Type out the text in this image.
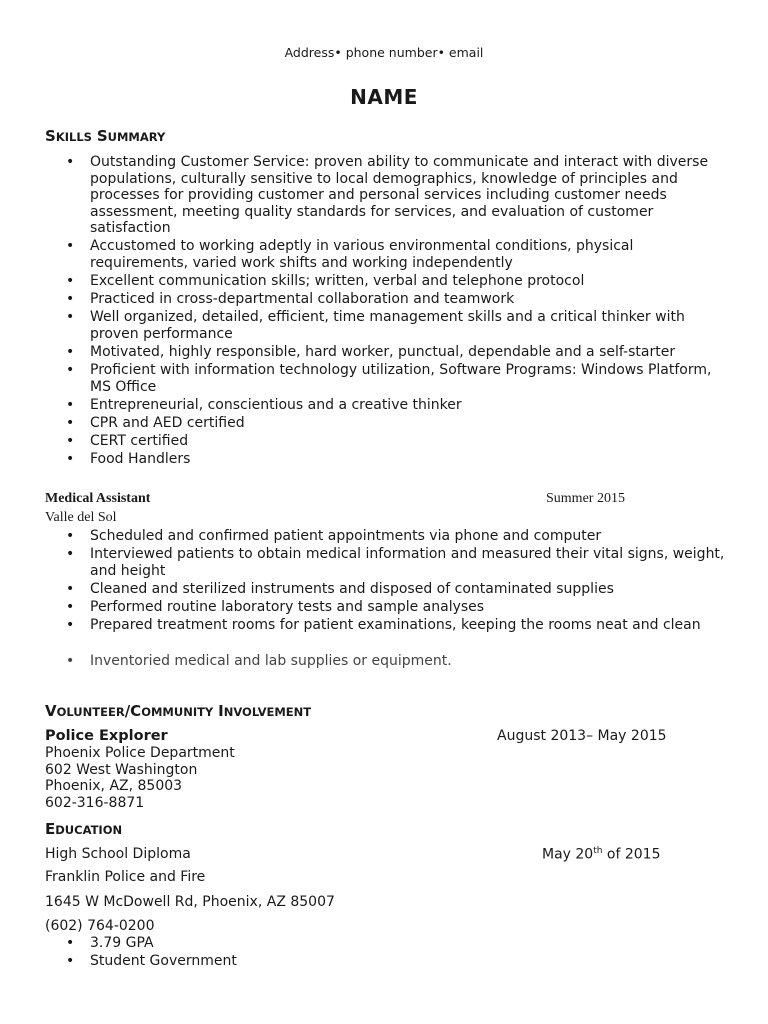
Address• phone number• email
NAME
SKILLS SUMMARY
• Outstanding Customer Service: proven ability to communicate and interact with diverse populations, culturally sensitive to local demographics, knowledge of principles and processes for providing customer and personal services including customer needs assessment, meeting quality standards for services, and evaluation of customer satisfaction
• Accustomed to working adeptly in various environmental conditions, physical requirements, varied work shifts and working independently
• Excellent communication skills; written, verbal and telephone protocol
• Practiced in cross-departmental collaboration and teamwork
• Well organized, detailed, efficient, time management skills and a critical thinker with proven performance
• Motivated, highly responsible, hard worker, punctual, dependable and a self-starter
• Proficient with information technology utilization, Software Programs: Windows Platform, MS Office
• Entrepreneurial, conscientious and a creative thinker
• CPR and AED certified
• CERT certified
• Food Handlers
Medical Assistant	Summer 2015
Valle del Sol
• Scheduled and confirmed patient appointments via phone and computer
• Interviewed patients to obtain medical information and measured their vital signs, weight, and height
• Cleaned and sterilized instruments and disposed of contaminated supplies
• Performed routine laboratory tests and sample analyses
• Prepared treatment rooms for patient examinations, keeping the rooms neat and clean
• Inventoried medical and lab supplies or equipment.
VOLUNTEER/COMMUNITY INVOLVEMENT
Police Explorer	August 2013– May 2015
Phoenix Police Department
602 West Washington
Phoenix, AZ, 85003
602-316-8871
EDUCATION
High School Diploma	May 20th of 2015
Franklin Police and Fire
1645 W McDowell Rd, Phoenix, AZ 85007
(602) 764-0200
• 3.79 GPA
• Student Government
